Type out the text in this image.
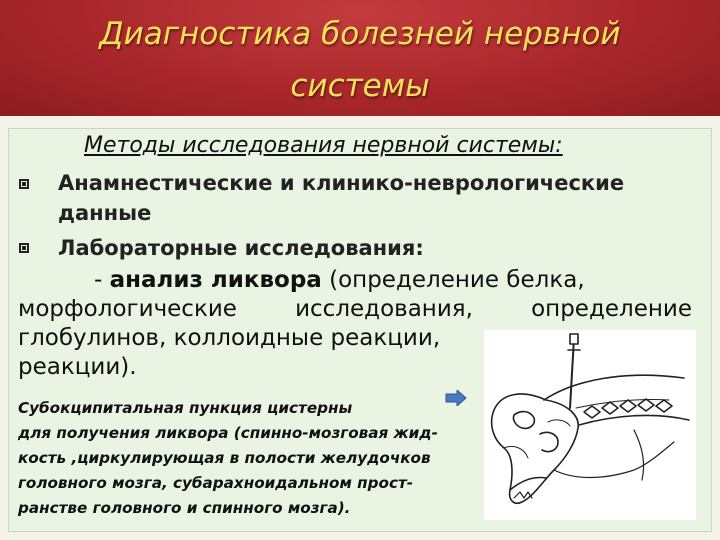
Диагностика болезней нервной
системы
Методы исследования нервной системы:
Анамнестические и клинико-неврологические
данные
Лабораторные исследования:
- анализ ликвора (определение белка,
морфологические	исследования,	определение
глобулинов, коллоидные реакции,
реакции).
Субокципитальная пункция цистерны
для получения ликвора (спинно-мозговая жид-
кость ,циркулирующая в полости желудочков
головного мозга, субарахноидальном прост-
ранстве головного и спинного мозга).
